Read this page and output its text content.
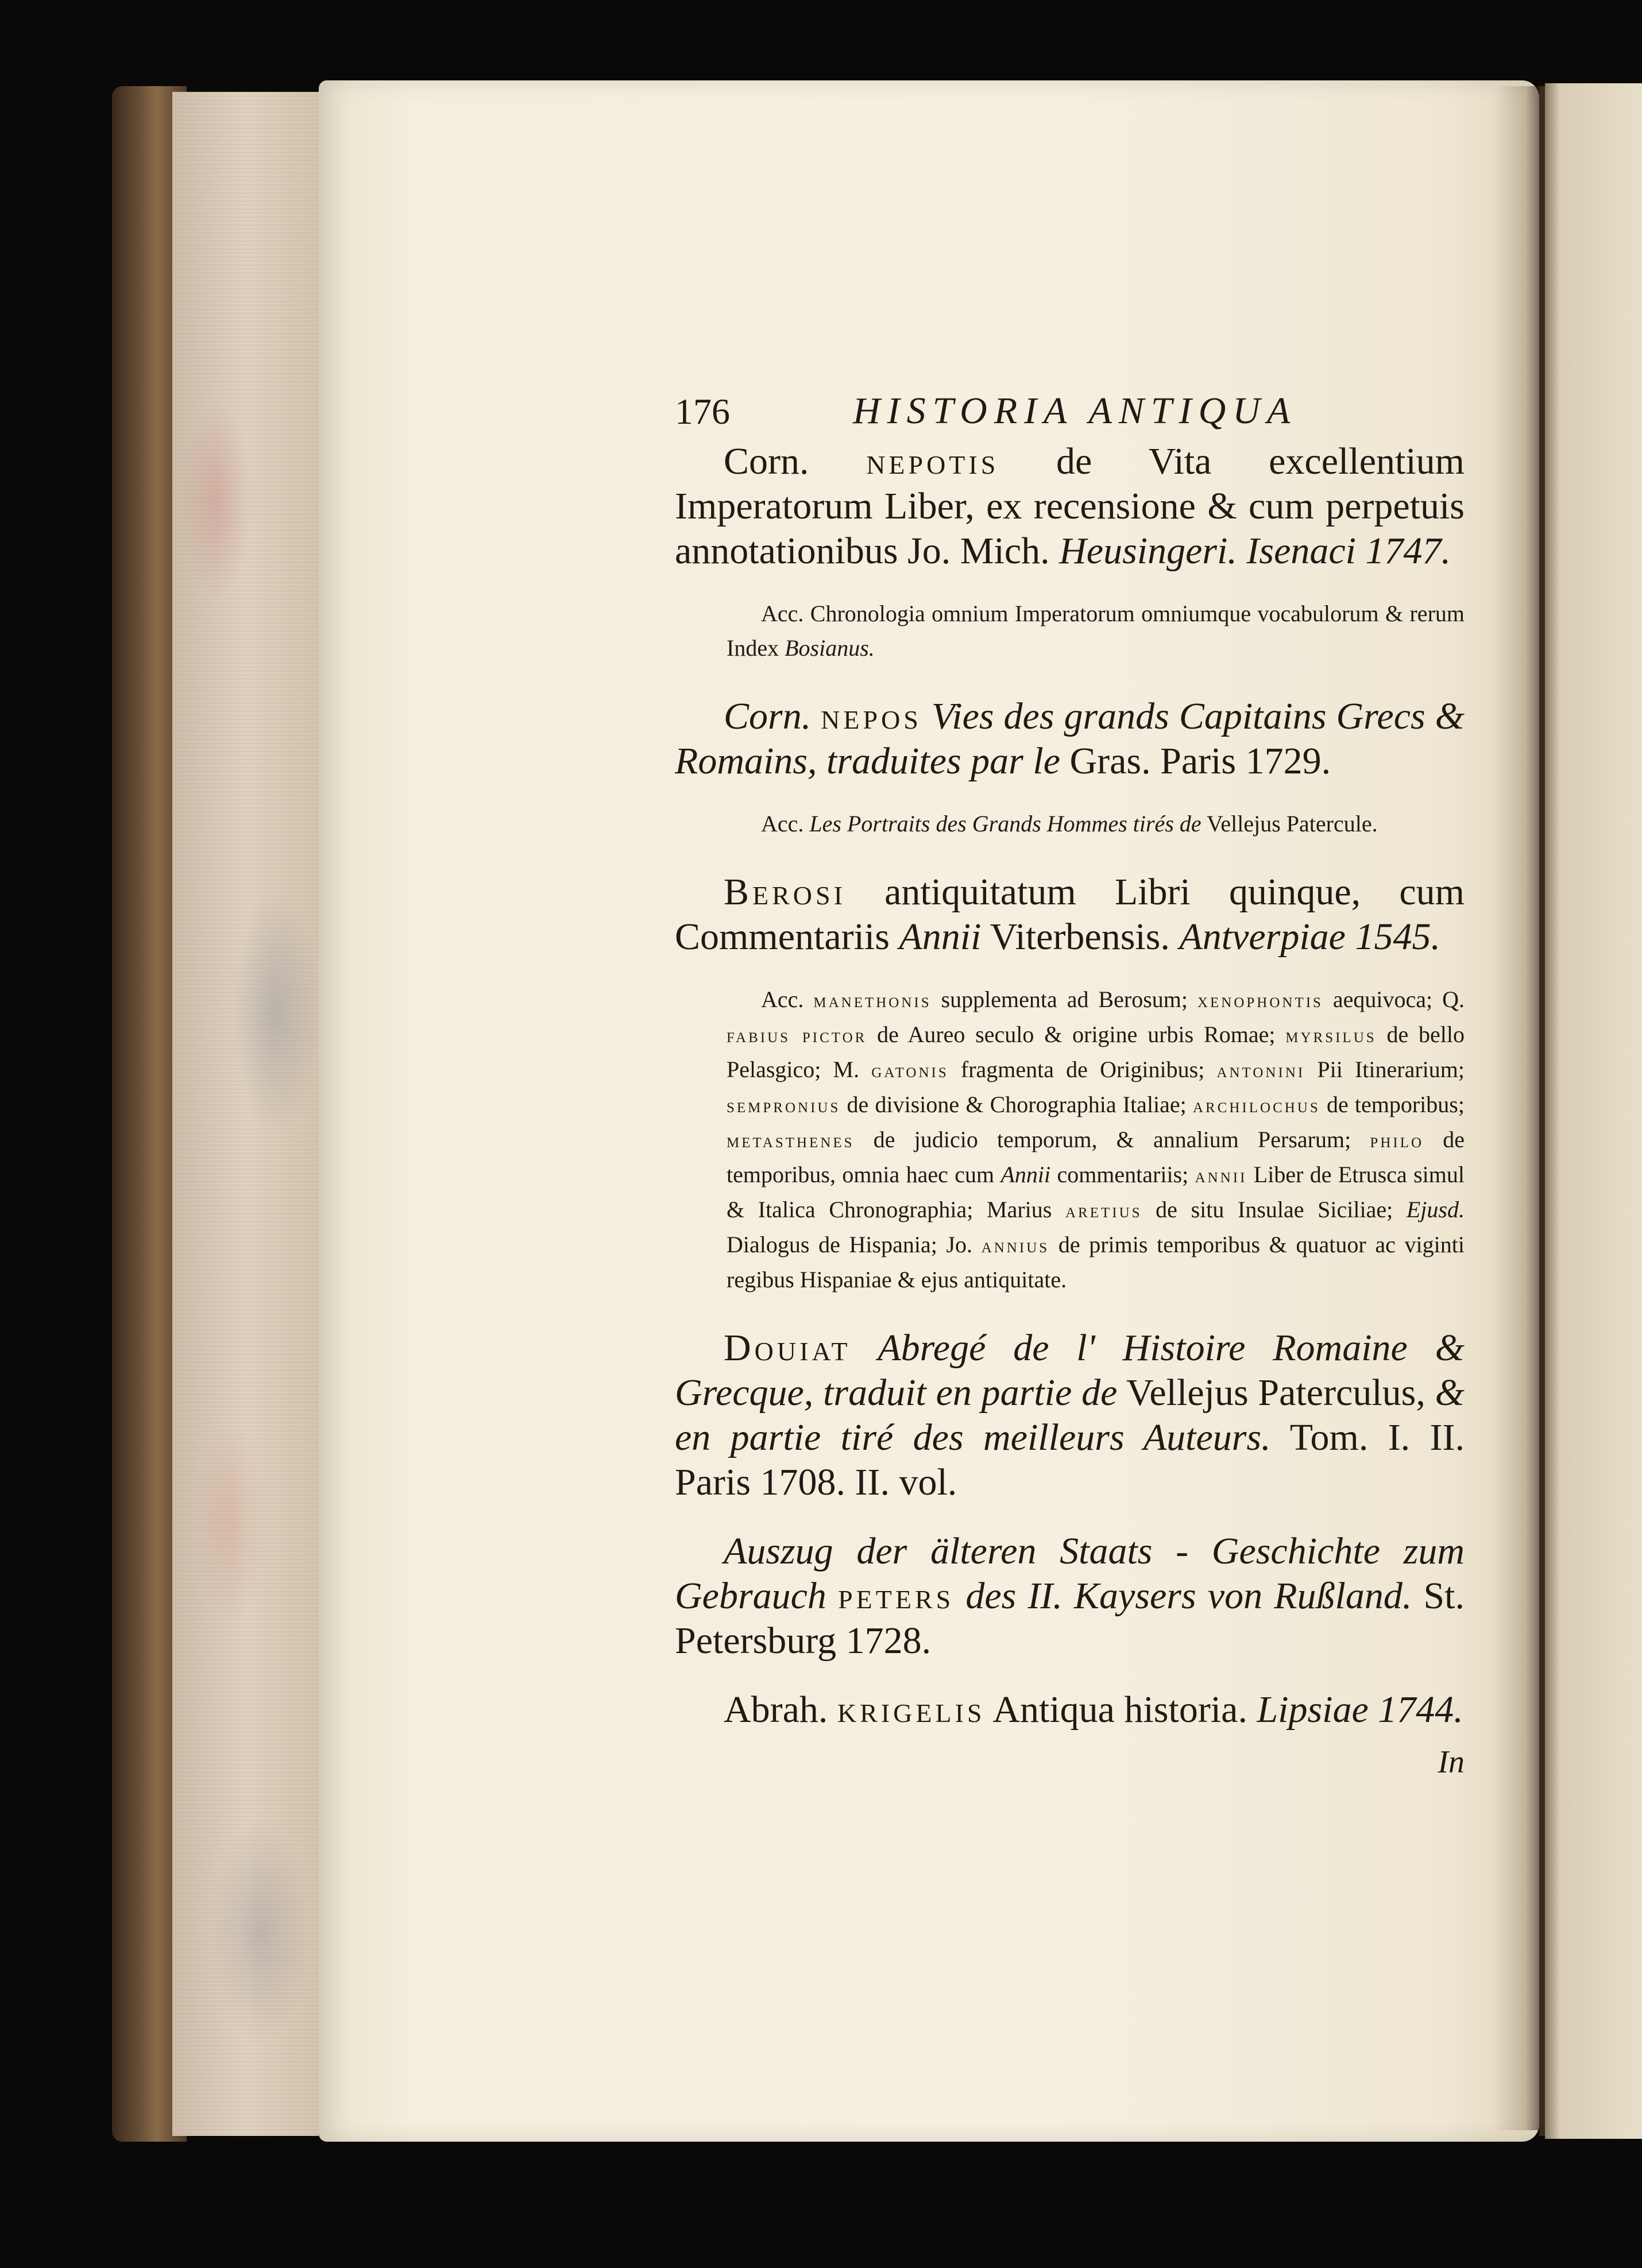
176	HISTORIA ANTIQUA

Corn. nepotis de Vita excellentium Imperatorum Liber, ex recensione & cum perpetuis annotationibus Jo. Mich. Heusingeri. Isenaci 1747.

Acc. Chronologia omnium Imperatorum omniumque vocabulorum & rerum Index Bosianus.

Corn. nepos Vies des grands Capitains Grecs & Romains, traduites par le Gras. Paris 1729.

Acc. Les Portraits des Grands Hommes tirés de Vellejus Patercule.

Berosi antiquitatum Libri quinque, cum Commentariis Annii Viterbensis. Antverpiae 1545.

Acc. manethonis supplementa ad Berosum; xenophontis aequivoca; Q. fabius pictor de Aureo seculo & origine urbis Romae; myrsilus de bello Pelasgico; M. gatonis fragmenta de Originibus; antonini Pii Itinerarium; sempronius de divisione & Chorographia Italiae; archilochus de temporibus; metasthenes de judicio temporum, & annalium Persarum; philo de temporibus, omnia haec cum Annii commentariis; annii Liber de Etrusca simul & Italica Chronographia; Marius aretius de situ Insulae Siciliae; Ejusd. Dialogus de Hispania; Jo. annius de primis temporibus & quatuor ac viginti regibus Hispaniae & ejus antiquitate.

Douiat Abregé de l' Histoire Romaine & Grecque, traduit en partie de Vellejus Paterculus, & en partie tiré des meilleurs Auteurs. Tom. I. II. Paris 1708. II. vol.

Auszug der älteren Staats - Geschichte zum Gebrauch peters des II. Kaysers von Rußland. St. Petersburg 1728.

Abrah. krigelis Antiqua historia. Lipsiae 1744.

In
